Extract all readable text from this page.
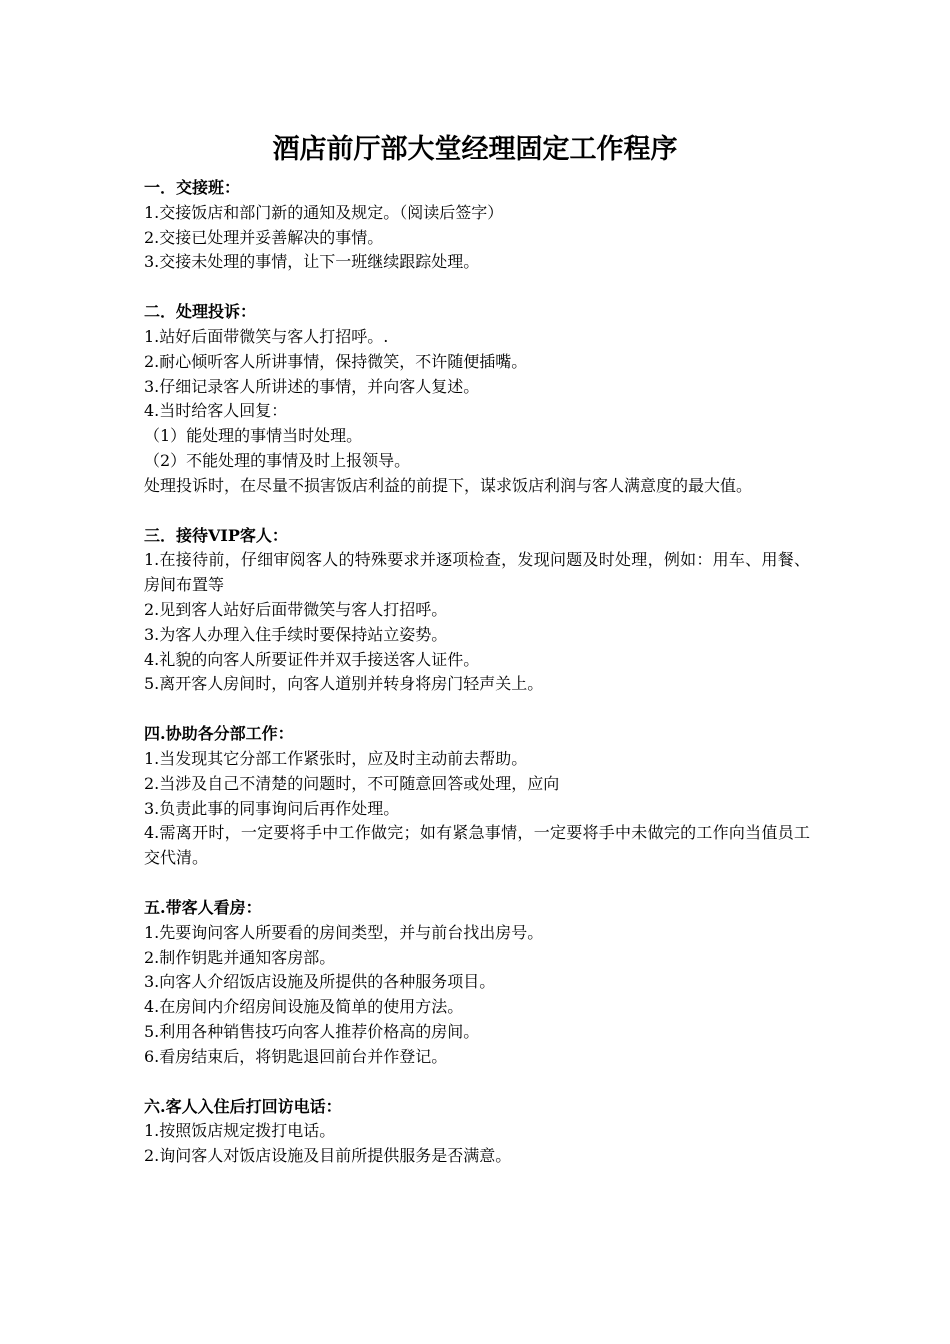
酒店前厅部大堂经理固定工作程序

一．交接班：

1.交接饭店和部门新的通知及规定。（阅读后签字）

2.交接已处理并妥善解决的事情。

3.交接未处理的事情，让下一班继续跟踪处理。

二．处理投诉：

1.站好后面带微笑与客人打招呼。.

2.耐心倾听客人所讲事情，保持微笑，不许随便插嘴。

3.仔细记录客人所讲述的事情，并向客人复述。

4.当时给客人回复：

（1）能处理的事情当时处理。

（2）不能处理的事情及时上报领导。

处理投诉时，在尽量不损害饭店利益的前提下，谋求饭店利润与客人满意度的最大值。

三．接待VIP客人：

1.在接待前，仔细审阅客人的特殊要求并逐项检查，发现问题及时处理，例如：用车、用餐、房间布置等

2.见到客人站好后面带微笑与客人打招呼。

3.为客人办理入住手续时要保持站立姿势。

4.礼貌的向客人所要证件并双手接送客人证件。

5.离开客人房间时，向客人道别并转身将房门轻声关上。

四.协助各分部工作：

1.当发现其它分部工作紧张时，应及时主动前去帮助。

2.当涉及自己不清楚的问题时，不可随意回答或处理，应向

3.负责此事的同事询问后再作处理。

4.需离开时，一定要将手中工作做完；如有紧急事情，一定要将手中未做完的工作向当值员工交代清。

五.带客人看房：

1.先要询问客人所要看的房间类型，并与前台找出房号。

2.制作钥匙并通知客房部。

3.向客人介绍饭店设施及所提供的各种服务项目。

4.在房间内介绍房间设施及简单的使用方法。

5.利用各种销售技巧向客人推荐价格高的房间。

6.看房结束后，将钥匙退回前台并作登记。

六.客人入住后打回访电话：

1.按照饭店规定拨打电话。

2.询问客人对饭店设施及目前所提供服务是否满意。
